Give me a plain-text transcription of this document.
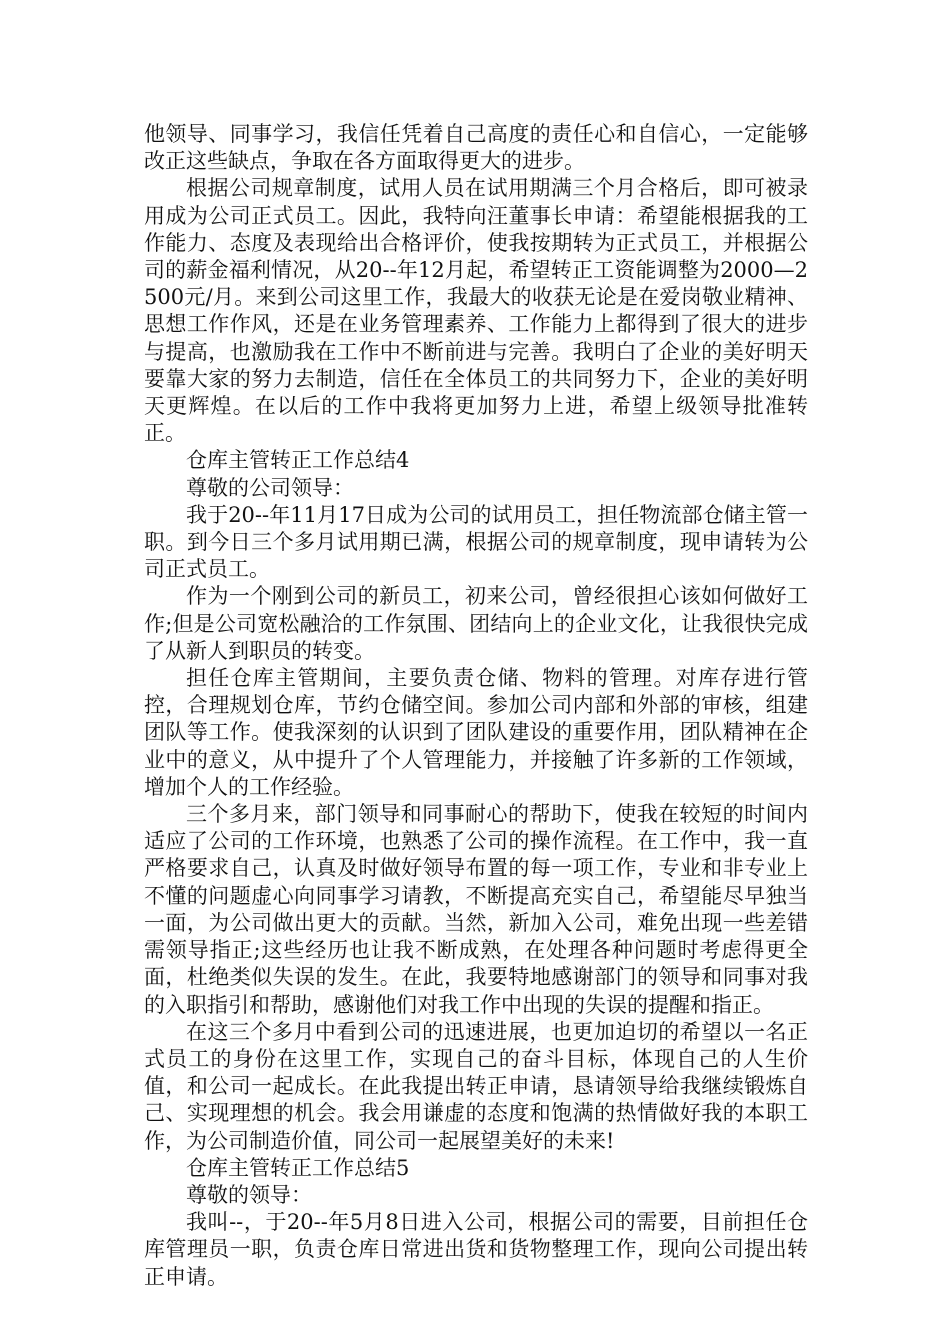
他领导、同事学习，我信任凭着自己高度的责任心和自信心，一定能够改正这些缺点，争取在各方面取得更大的进步。

根据公司规章制度，试用人员在试用期满三个月合格后，即可被录用成为公司正式员工。因此，我特向汪董事长申请：希望能根据我的工作能力、态度及表现给出合格评价，使我按期转为正式员工，并根据公司的薪金福利情况，从20--年12月起，希望转正工资能调整为2000—2500元/月。来到公司这里工作，我最大的收获无论是在爱岗敬业精神、思想工作作风，还是在业务管理素养、工作能力上都得到了很大的进步与提高，也激励我在工作中不断前进与完善。我明白了企业的美好明天要靠大家的努力去制造，信任在全体员工的共同努力下，企业的美好明天更辉煌。在以后的工作中我将更加努力上进，希望上级领导批准转正。

仓库主管转正工作总结4

尊敬的公司领导：

我于20--年11月17日成为公司的试用员工，担任物流部仓储主管一职。到今日三个多月试用期已满，根据公司的规章制度，现申请转为公司正式员工。

作为一个刚到公司的新员工，初来公司，曾经很担心该如何做好工作;但是公司宽松融洽的工作氛围、团结向上的企业文化，让我很快完成了从新人到职员的转变。

担任仓库主管期间，主要负责仓储、物料的管理。对库存进行管控，合理规划仓库，节约仓储空间。参加公司内部和外部的审核，组建团队等工作。使我深刻的认识到了团队建设的重要作用，团队精神在企业中的意义，从中提升了个人管理能力，并接触了许多新的工作领域，增加个人的工作经验。

三个多月来，部门领导和同事耐心的帮助下，使我在较短的时间内适应了公司的工作环境，也熟悉了公司的操作流程。在工作中，我一直严格要求自己，认真及时做好领导布置的每一项工作，专业和非专业上不懂的问题虚心向同事学习请教，不断提高充实自己，希望能尽早独当一面，为公司做出更大的贡献。当然，新加入公司，难免出现一些差错需领导指正;这些经历也让我不断成熟，在处理各种问题时考虑得更全面，杜绝类似失误的发生。在此，我要特地感谢部门的领导和同事对我的入职指引和帮助，感谢他们对我工作中出现的失误的提醒和指正。

在这三个多月中看到公司的迅速进展，也更加迫切的希望以一名正式员工的身份在这里工作，实现自己的奋斗目标，体现自己的人生价值，和公司一起成长。在此我提出转正申请，恳请领导给我继续锻炼自己、实现理想的机会。我会用谦虚的态度和饱满的热情做好我的本职工作，为公司制造价值，同公司一起展望美好的未来!

仓库主管转正工作总结5

尊敬的领导：

我叫--，于20--年5月8日进入公司，根据公司的需要，目前担任仓库管理员一职，负责仓库日常进出货和货物整理工作，现向公司提出转正申请。
